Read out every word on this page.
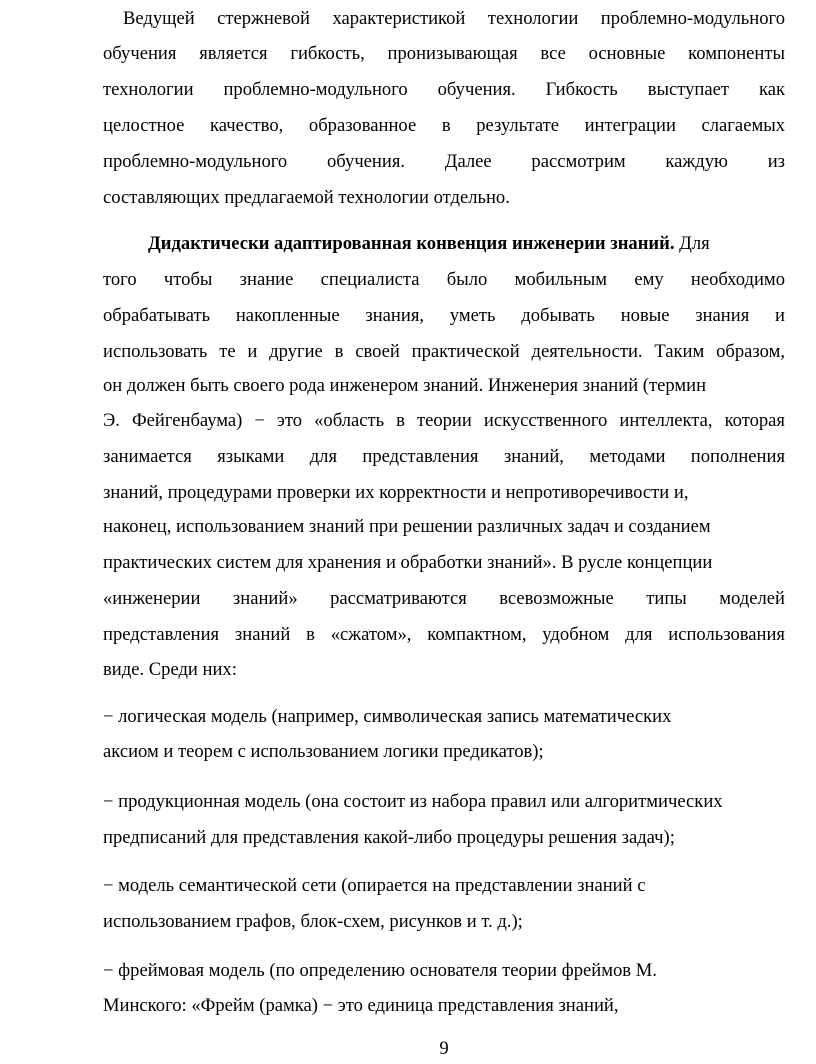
Ведущей стержневой характеристикой технологии проблемно-модульного
обучения является гибкость, пронизывающая все основные компоненты
технологии проблемно-модульного обучения. Гибкость выступает как
целостное качество, образованное в результате интеграции слагаемых
проблемно-модульного обучения. Далее рассмотрим каждую из
составляющих предлагаемой технологии отдельно.
Дидактически адаптированная конвенция инженерии знаний. Для
того чтобы знание специалиста было мобильным ему необходимо
обрабатывать накопленные знания, уметь добывать новые знания и
использовать те и другие в своей практической деятельности. Таким образом,
он должен быть своего рода инженером знаний. Инженерия знаний (термин
Э. Фейгенбаума) − это «область в теории искусственного интеллекта, которая
занимается языками для представления знаний, методами пополнения
знаний, процедурами проверки их корректности и непротиворечивости и,
наконец, использованием знаний при решении различных задач и созданием
практических систем для хранения и обработки знаний». В русле концепции
«инженерии знаний» рассматриваются всевозможные типы моделей
представления знаний в «сжатом», компактном, удобном для использования
виде. Среди них:
− логическая модель (например, символическая запись математических
аксиом и теорем с использованием логики предикатов);
− продукционная модель (она состоит из набора правил или алгоритмических
предписаний для представления какой-либо процедуры решения задач);
− модель семантической сети (опирается на представлении знаний с
использованием графов, блок-схем, рисунков и т. д.);
− фреймовая модель (по определению основателя теории фреймов М.
Минского: «Фрейм (рамка) − это единица представления знаний,
9
